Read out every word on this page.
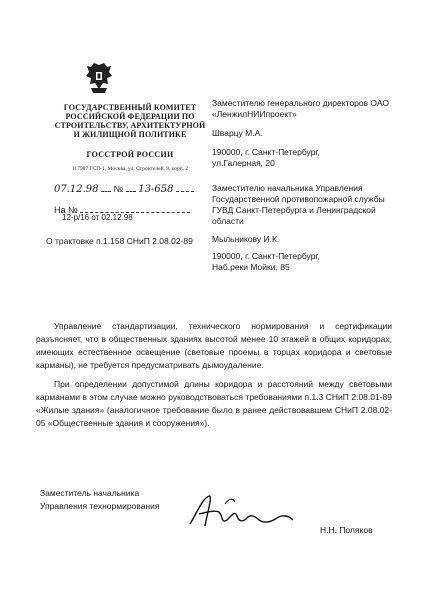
ГОСУДАРСТВЕННЫЙ КОМИТЕТ
РОССИЙСКОЙ ФЕДЕРАЦИИ ПО
СТРОИТЕЛЬСТВУ, АРХИТЕКТУРНОЙ
И ЖИЛИЩНОЙ ПОЛИТИКЕ
ГОССТРОЙ РОССИИ
117987 ГСП-1, Москва, ул. Строителей, 8, корп. 2
07.12.98 № 13-658
На №
12-р/16 от 02.12.98
О трактовке п.1.158 СНиП 2.08.02-89
Заместителю генерального директоров ОАО «ЛенжилНИИпроект»
Шварцу М.А.
190000, г. Санкт-Петербург, ул.Галерная, 20
Заместителю начальника Управления Государственной противопожарной службы ГУВД Санкт-Петербурга и Ленинградской области
Мыльникову И.К.
190000, г. Санкт-Петербург, Наб.реки Мойки, 85
Управление стандартизации, технического нормирования и сертификации разъясняет, что в общественных зданиях высотой менее 10 этажей в общих коридорах, имеющих естественное освещение (световые проемы в торцах коридора и световые карманы), не требуется предусматривать дымоудаление.
При определении допустимой длины коридора и расстояний между световыми карманами в этом случае можно руководствоваться требованиями п.1.3 СНиП 2.08.01-89 «Жилые здания» (аналогичное требование было в ранее действовавшем СНиП 2.08.02-05 «Общественные здания и сооружения»).
Заместитель начальника
Управления технормирования
Н.Н. Поляков
